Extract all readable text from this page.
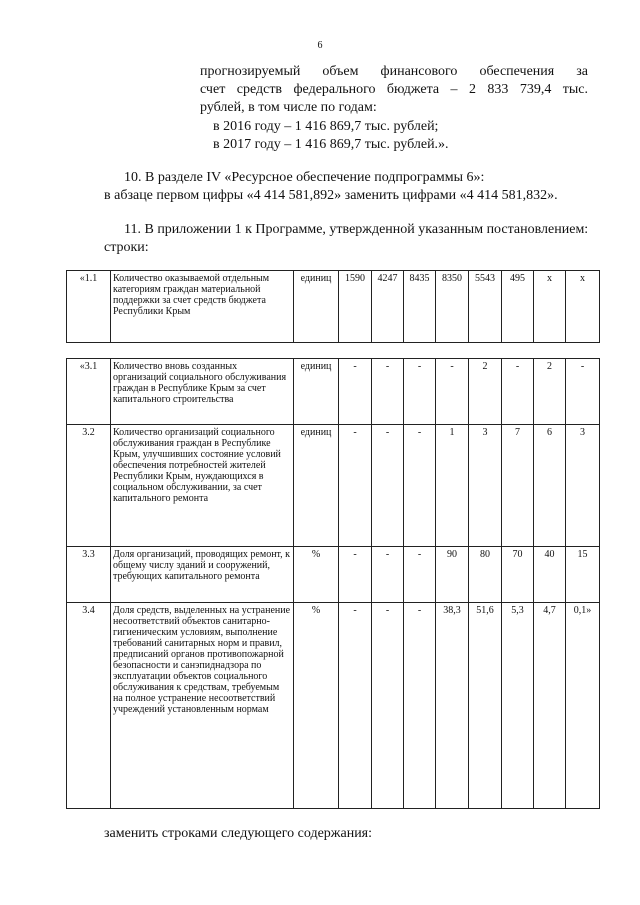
6
прогнозируемый объем финансового обеспечения за
счет средств федерального бюджета – 2 833 739,4 тыс.
рублей, в том числе по годам:
в 2016 году – 1 416 869,7 тыс. рублей;
в 2017 году – 1 416 869,7 тыс. рублей.».
10. В разделе IV «Ресурсное обеспечение подпрограммы 6»:
в абзаце первом цифры «4 414 581,892» заменить цифрами «4 414 581,832».
11. В приложении 1 к Программе, утвержденной указанным постановлением:
строки:
«1.1	Количество оказываемой отдельным категориям граждан материальной поддержки за счет средств бюджета Республики Крым	единиц	1590	4247	8435	8350	5543	495	х	х
«3.1	Количество вновь созданных организаций социального обслуживания граждан в Республике Крым за счет капитального строительства	единиц	-	-	-	-	2	-	2	-
3.2	Количество организаций социального обслуживания граждан в Республике Крым, улучшивших состояние условий обеспечения потребностей жителей Республики Крым, нуждающихся в социальном обслуживании, за счет капитального ремонта	единиц	-	-	-	1	3	7	6	3
3.3	Доля организаций, проводящих ремонт, к общему числу зданий и сооружений, требующих капитального ремонта	%	-	-	-	90	80	70	40	15
3.4	Доля средств, выделенных на устранение несоответствий объектов санитарно-гигиеническим условиям, выполнение требований санитарных норм и правил, предписаний органов противопожарной безопасности и санэпиднадзора по эксплуатации объектов социального обслуживания к средствам, требуемым на полное устранение несоответствий учреждений установленным нормам	%	-	-	-	38,3	51,6	5,3	4,7	0,1»
заменить строками следующего содержания:
